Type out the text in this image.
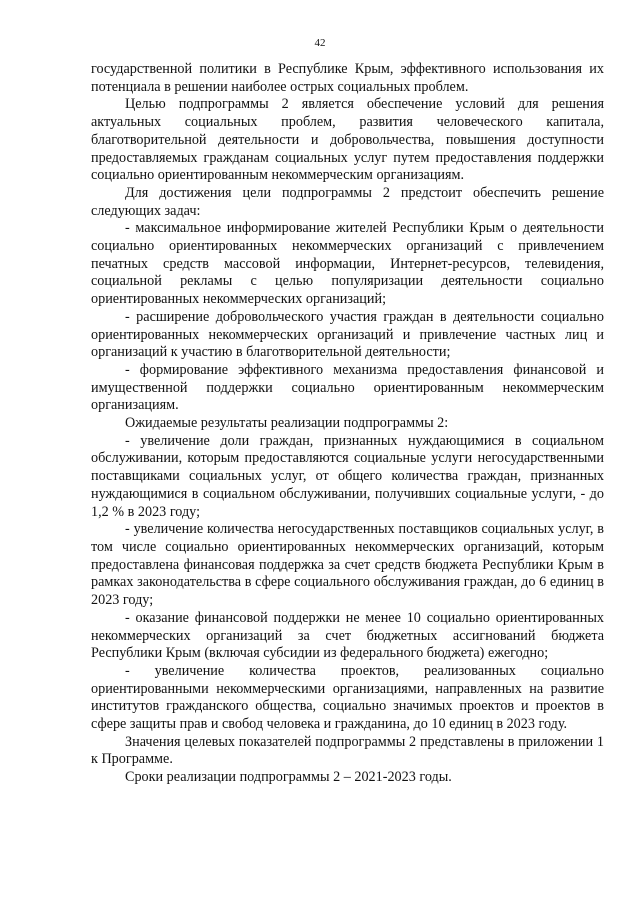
42

государственной политики в Республике Крым, эффективного использования их потенциала в решении наиболее острых социальных проблем.

Целью подпрограммы 2 является обеспечение условий для решения актуальных социальных проблем, развития человеческого капитала, благотворительной деятельности и добровольчества, повышения доступности предоставляемых гражданам социальных услуг путем предоставления поддержки социально ориентированным некоммерческим организациям.

Для достижения цели подпрограммы 2 предстоит обеспечить решение следующих задач:

- максимальное информирование жителей Республики Крым о деятельности социально ориентированных некоммерческих организаций с привлечением печатных средств массовой информации, Интернет-ресурсов, телевидения, социальной рекламы с целью популяризации деятельности социально ориентированных некоммерческих организаций;

- расширение добровольческого участия граждан в деятельности социально ориентированных некоммерческих организаций и привлечение частных лиц и организаций к участию в благотворительной деятельности;

- формирование эффективного механизма предоставления финансовой и имущественной поддержки социально ориентированным некоммерческим организациям.

Ожидаемые результаты реализации подпрограммы 2:

- увеличение доли граждан, признанных нуждающимися в социальном обслуживании, которым предоставляются социальные услуги негосударственными поставщиками социальных услуг, от общего количества граждан, признанных нуждающимися в социальном обслуживании, получивших социальные услуги, - до 1,2 % в 2023 году;

- увеличение количества негосударственных поставщиков социальных услуг, в том числе социально ориентированных некоммерческих организаций, которым предоставлена финансовая поддержка за счет средств бюджета Республики Крым в рамках законодательства в сфере социального обслуживания граждан, до 6 единиц в 2023 году;

- оказание финансовой поддержки не менее 10 социально ориентированных некоммерческих организаций за счет бюджетных ассигнований бюджета Республики Крым (включая субсидии из федерального бюджета) ежегодно;

- увеличение количества проектов, реализованных социально ориентированными некоммерческими организациями, направленных на развитие институтов гражданского общества, социально значимых проектов и проектов в сфере защиты прав и свобод человека и гражданина, до 10 единиц в 2023 году.

Значения целевых показателей подпрограммы 2 представлены в приложении 1 к Программе.

Сроки реализации подпрограммы 2 – 2021-2023 годы.
